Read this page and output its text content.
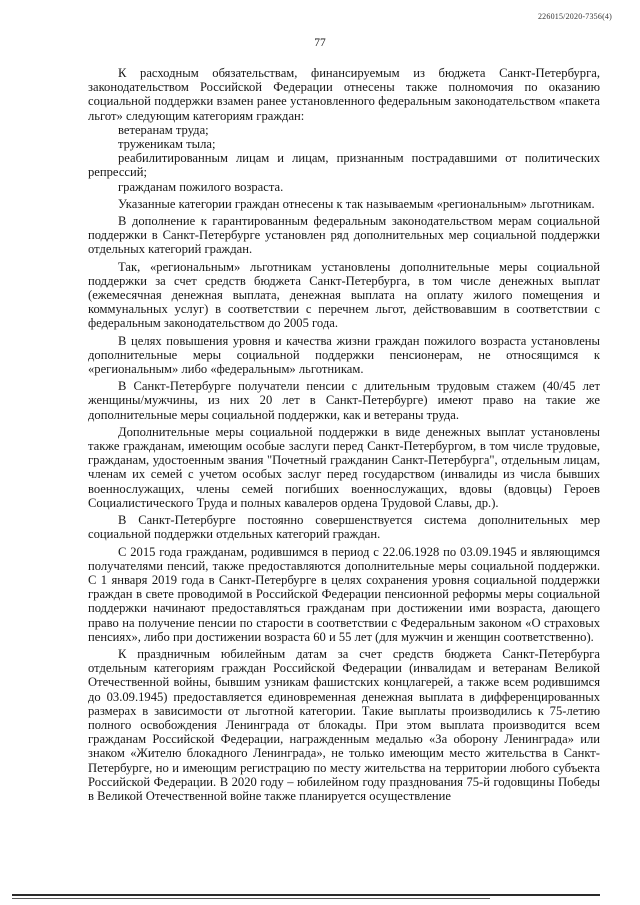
226015/2020-7356(4)
77

К расходным обязательствам, финансируемым из бюджета Санкт-Петербурга, законодательством Российской Федерации отнесены также полномочия по оказанию социальной поддержки взамен ранее установленного федеральным законодательством «пакета льгот» следующим категориям граждан:

ветеранам труда;

труженикам тыла;

реабилитированным лицам и лицам, признанным пострадавшими от политических репрессий;

гражданам пожилого возраста.

Указанные категории граждан отнесены к так называемым «региональным» льготникам.

В дополнение к гарантированным федеральным законодательством мерам социальной поддержки в Санкт-Петербурге установлен ряд дополнительных мер социальной поддержки отдельных категорий граждан.

Так, «региональным» льготникам установлены дополнительные меры социальной поддержки за счет средств бюджета Санкт-Петербурга, в том числе денежных выплат (ежемесячная денежная выплата, денежная выплата на оплату жилого помещения и коммунальных услуг) в соответствии с перечнем льгот, действовавшим в соответствии с федеральным законодательством до 2005 года.

В целях повышения уровня и качества жизни граждан пожилого возраста установлены дополнительные меры социальной поддержки пенсионерам, не относящимся к «региональным» либо «федеральным» льготникам.

В Санкт-Петербурге получатели пенсии с длительным трудовым стажем (40/45 лет женщины/мужчины, из них 20 лет в Санкт-Петербурге) имеют право на такие же дополнительные меры социальной поддержки, как и ветераны труда.

Дополнительные меры социальной поддержки в виде денежных выплат установлены также гражданам, имеющим особые заслуги перед Санкт-Петербургом, в том числе трудовые, гражданам, удостоенным звания "Почетный гражданин Санкт-Петербурга", отдельным лицам, членам их семей с учетом особых заслуг перед государством (инвалиды из числа бывших военнослужащих, члены семей погибших военнослужащих, вдовы (вдовцы) Героев Социалистического Труда и полных кавалеров ордена Трудовой Славы, др.).

В Санкт-Петербурге постоянно совершенствуется система дополнительных мер социальной поддержки отдельных категорий граждан.

С 2015 года гражданам, родившимся в период с 22.06.1928 по 03.09.1945 и являющимся получателями пенсий, также предоставляются дополнительные меры социальной поддержки. С 1 января 2019 года в Санкт-Петербурге в целях сохранения уровня социальной поддержки граждан в свете проводимой в Российской Федерации пенсионной реформы меры социальной поддержки начинают предоставляться гражданам при достижении ими возраста, дающего право на получение пенсии по старости в соответствии с Федеральным законом «О страховых пенсиях», либо при достижении возраста 60 и 55 лет (для мужчин и женщин соответственно).

К праздничным юбилейным датам за счет средств бюджета Санкт-Петербурга отдельным категориям граждан Российской Федерации (инвалидам и ветеранам Великой Отечественной войны, бывшим узникам фашистских концлагерей, а также всем родившимся до 03.09.1945) предоставляется единовременная денежная выплата в дифференцированных размерах в зависимости от льготной категории. Такие выплаты производились к 75-летию полного освобождения Ленинграда от блокады. При этом выплата производится всем гражданам Российской Федерации, награжденным медалью «За оборону Ленинграда» или знаком «Жителю блокадного Ленинграда», не только имеющим место жительства в Санкт-Петербурге, но и имеющим регистрацию по месту жительства на территории любого субъекта Российской Федерации. В 2020 году – юбилейном году празднования 75-й годовщины Победы в Великой Отечественной войне также планируется осуществление
